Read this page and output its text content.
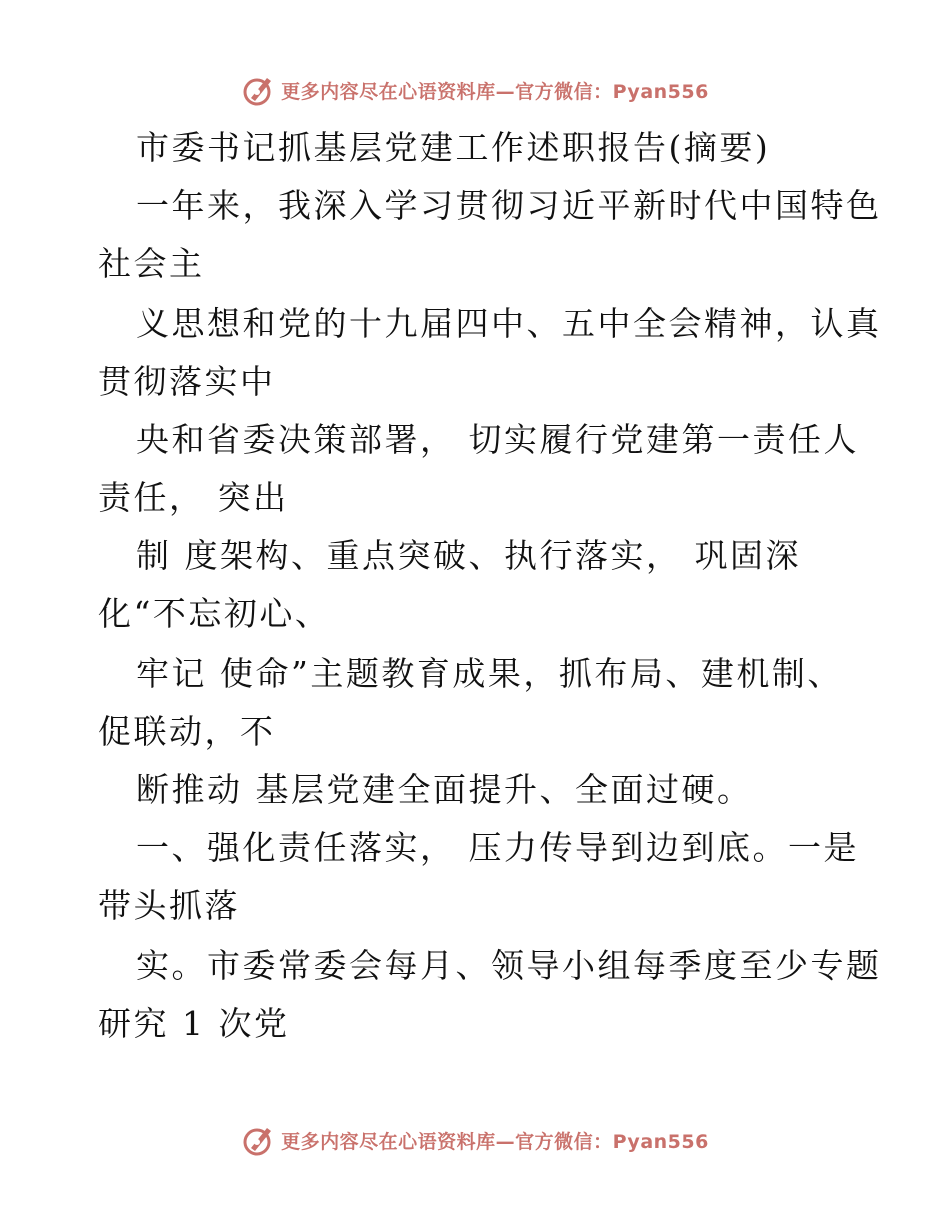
更多内容尽在心语资料库—官方微信：Pyan556
市委书记抓基层党建工作述职报告(摘要)
一年来，我深入学习贯彻习近平新时代中国特色
社会主
义思想和党的十九届四中、五中全会精神，认真
贯彻落实中
央和省委决策部署， 切实履行党建第一责任人
责任， 突出
制 度架构、重点突破、执行落实， 巩固深
化“不忘初心、
牢记 使命”主题教育成果，抓布局、建机制、
促联动，不
断推动 基层党建全面提升、全面过硬。
一、强化责任落实， 压力传导到边到底。一是
带头抓落
实。市委常委会每月、领导小组每季度至少专题
研究 1 次党
更多内容尽在心语资料库—官方微信：Pyan556
